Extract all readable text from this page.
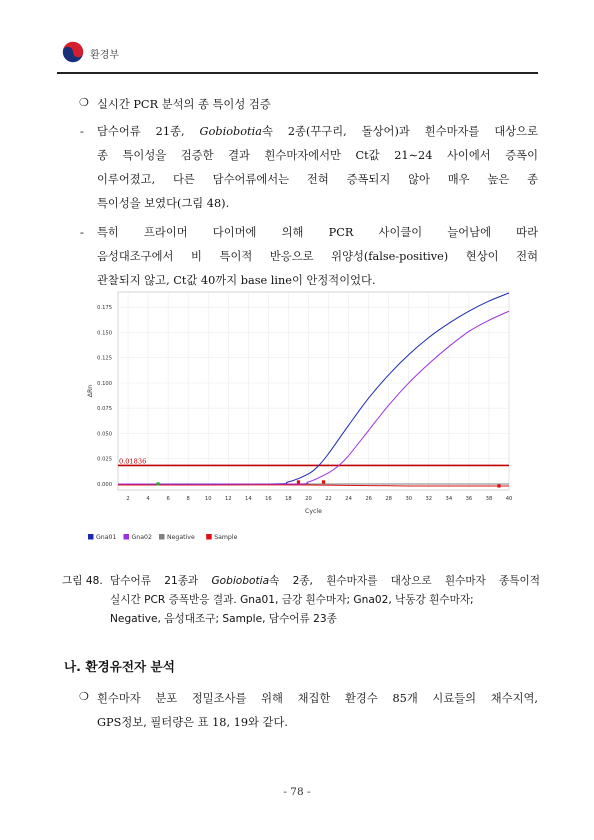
환경부
❍ 실시간 PCR 분석의 종 특이성 검증
- 담수어류 21종, Gobiobotia속 2종(꾸구리, 돌상어)과 흰수마자를 대상으로
종 특이성을 검증한 결과 흰수마자에서만 Ct값 21∼24 사이에서 증폭이
이루어졌고, 다른 담수어류에서는 전혀 증폭되지 않아 매우 높은 종
특이성을 보였다(그림 48).
- 특히 프라이머 다이머에 의해 PCR 사이클이 늘어남에 따라
음성대조구에서 비 특이적 반응으로 위양성(false-positive) 현상이 전혀
관찰되지 않고, Ct값 40까지 base line이 안정적이었다.
2	4	6	8	10	12	14	16	18	20	22	24	26	28	30	32	34	36	38	40
0.000
0.025
0.050
0.075
0.100
0.125
0.150
0.175
Cycle
ΔRn
0.01836
Gna01 Gna02 Negative	Sample
그림 48. 담수어류 21종과 Gobiobotia속 2종, 흰수마자를 대상으로 흰수마자 종특이적
실시간 PCR 증폭반응 결과. Gna01, 금강 흰수마자; Gna02, 낙동강 흰수마자;
Negative, 음성대조구; Sample, 담수어류 23종
나. 환경유전자 분석
❍ 흰수마자 분포 정밀조사를 위해 채집한 환경수 85개 시료들의 채수지역,
GPS정보, 필터량은 표 18, 19와 같다.
- 78 -
